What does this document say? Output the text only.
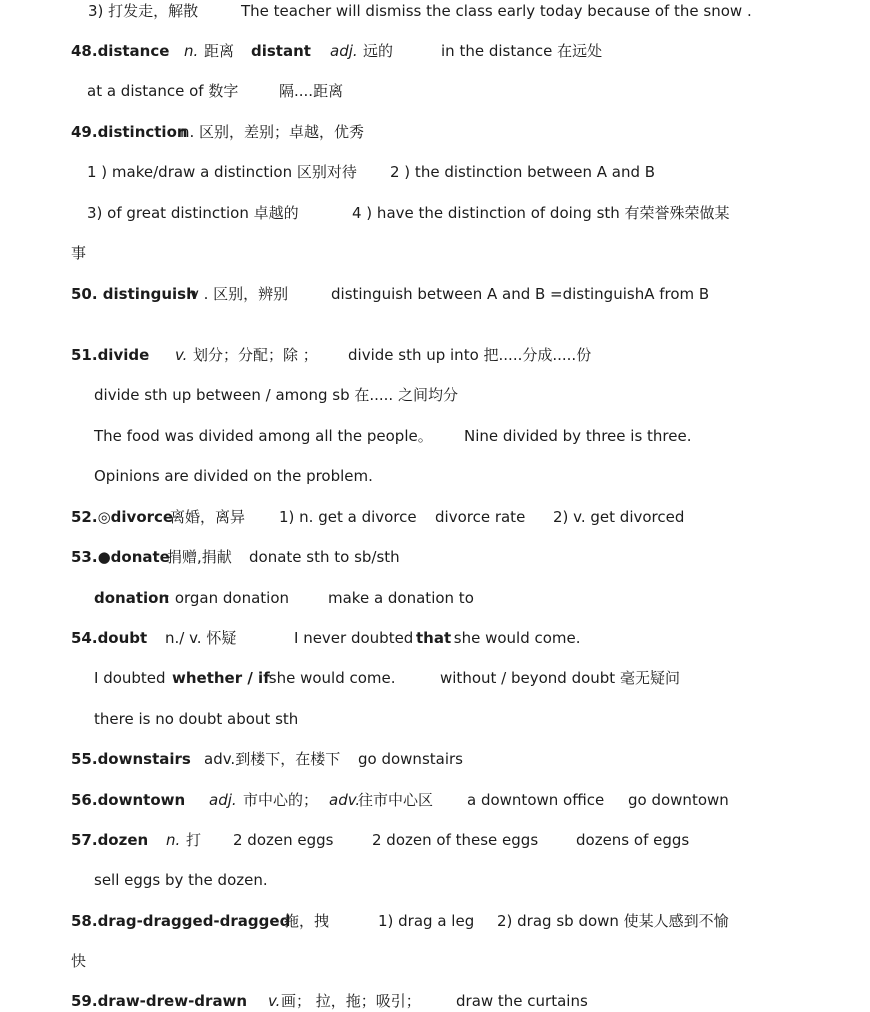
3) 打发走，解散	The teacher will dismiss the class early today because of the snow .
48.distance n. 距离 distant adj. 远的	in the distance 在远处
at a distance of 数字	隔....距离
49.distinction
n. 区别，差别；卓越，优秀
1 ) make/draw a distinction 区别对待 2 ) the distinction between A and B
3) of great distinction 卓越的	4 ) have the distinction of doing sth 有荣誉殊荣做某
事
50. distinguish
v . 区别，辨别	distinguish between A and B =distinguishA from B
51.divide v. 划分；分配；除 ； divide sth up into 把.....分成.....份
divide sth up between / among sb 在..... 之间均分
The food was divided among all the people。 Nine divided by three is three.
Opinions are divided on the problem.
52.◎divorce
离婚，离异 1) n. get a divorce divorce rate 2) v. get divorced
53.●donate
捐赠,捐献 donate sth to sb/sth
donation
: organ donation	make a donation to
54.doubt n./ v. 怀疑	I never doubted
that
she would come.
I doubted whether / if
she would come.	without / beyond doubt 毫无疑问
there is no doubt about sth
55.downstairs adv.到楼下，在楼下 go downstairs
56.downtown adj. 市中心的； adv.
往市中心区 a downtown office go downtown
57.dozen n. 打 2 dozen eggs	2 dozen of these eggs	dozens of eggs
sell eggs by the dozen.
58.drag-dragged-dragged
拖，拽	1) drag a leg 2) drag sb down 使某人感到不愉
快
59.draw-drew-drawn v. 画； 拉，拖；吸引； draw the curtains
